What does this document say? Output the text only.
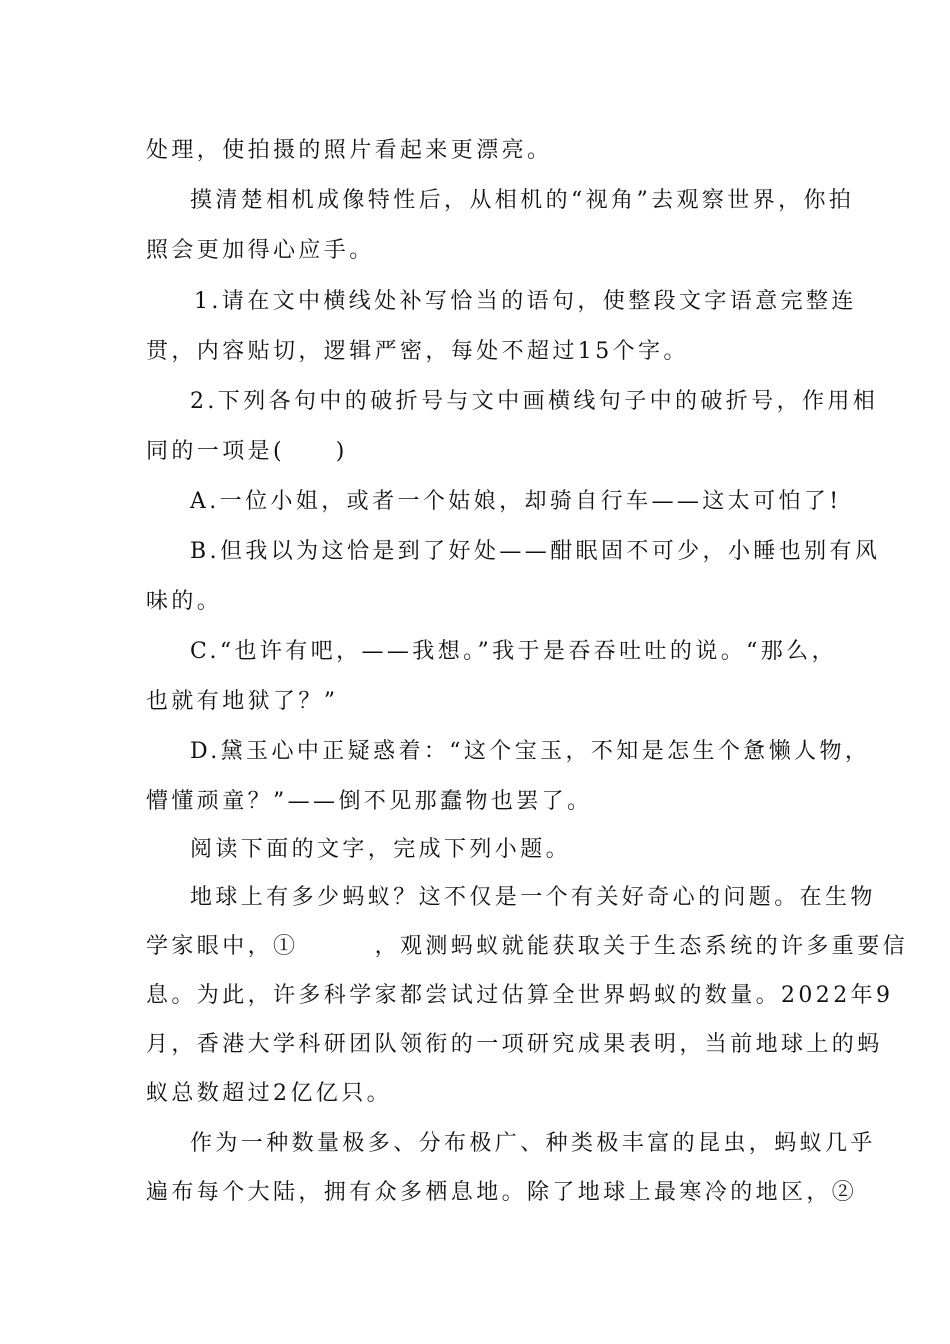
处理，使拍摄的照片看起来更漂亮。
摸清楚相机成像特性后，从相机的“视角”去观察世界，你拍
照会更加得心应手。
1.请在文中横线处补写恰当的语句，使整段文字语意完整连
贯，内容贴切，逻辑严密，每处不超过15个字。
2.下列各句中的破折号与文中画横线句子中的破折号，作用相
同的一项是(　　)
A.一位小姐，或者一个姑娘，却骑自行车——这太可怕了!
B.但我以为这恰是到了好处——酣眠固不可少，小睡也别有风
味的。
C.“也许有吧，——我想。”我于是吞吞吐吐的说。“那么，
也就有地狱了？”
D.黛玉心中正疑惑着：“这个宝玉，不知是怎生个惫懒人物，
懵懂顽童？”——倒不见那蠢物也罢了。
阅读下面的文字，完成下列小题。
地球上有多少蚂蚁？这不仅是一个有关好奇心的问题。在生物
学家眼中，①　　　，观测蚂蚁就能获取关于生态系统的许多重要信
息。为此，许多科学家都尝试过估算全世界蚂蚁的数量。2022年9
月，香港大学科研团队领衔的一项研究成果表明，当前地球上的蚂
蚁总数超过2亿亿只。
作为一种数量极多、分布极广、种类极丰富的昆虫，蚂蚁几乎
遍布每个大陆，拥有众多栖息地。除了地球上最寒冷的地区，②
